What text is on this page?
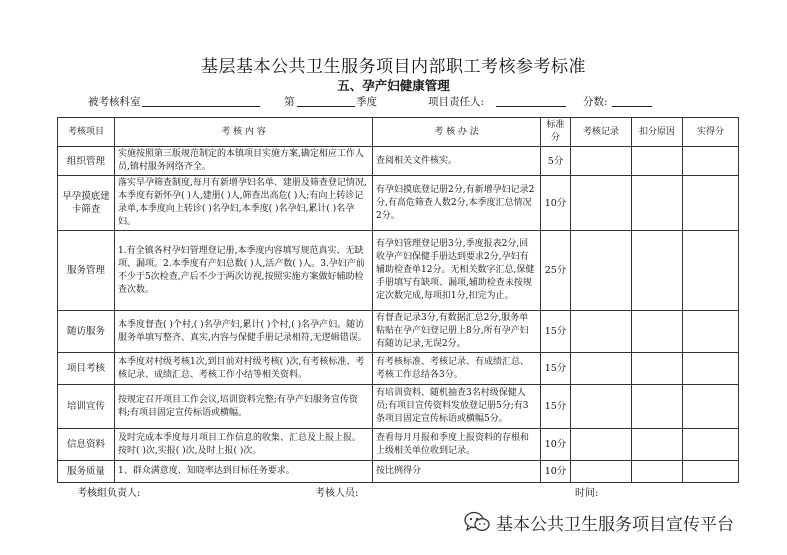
基层基本公共卫生服务项目内部职工考核参考标准
五、孕产妇健康管理
被考核科室	第	季度	项目责任人:	分数:
考核项目	考 核 内 容	考 核 办 法	标准分	考核记录	扣分原因	实得分
组织管理	实施按照第三版规范制定的本镇项目实施方案,确定相应工作人员,镇村服务网络齐全。	查阅相关文件核实。	5分			
早孕摸底建卡筛查	落实早孕筛查制度,每月有新增孕妇名单、建册及筛查登记情况,本季度有新怀孕( )人,建册( )人,筛查出高危( )人;有向上转诊记录单,本季度向上转诊( )名孕妇,本季度( )名孕妇,累计( )名孕妇。	有孕妇摸底登记册2分,有新增孕妇记录2分,有高危筛查人数2分,本季度汇总情况2分。	10分			
服务管理	1.有全镇各村孕妇管理登记册,本季度内容填写规范真实、无缺项、漏项。2.本季度有产妇总数( )人,活产数( )人。3.孕妇产前不少于5次检查,产后不少于两次访视,按照实施方案做好辅助检查次数。	有孕妇管理登记册3分,季度报表2分,回收孕产妇保健手册达到要求2分,孕妇有辅助检查单12分。无相关数字汇总,保健手册填写有缺项、漏项,辅助检查未按规定次数完成,每项扣1分,扣完为止。	25分			
随访服务	本季度督查( )个村,( )名孕产妇,累计( )个村,( )名孕产妇。随访服务单填写整齐、真实,内容与保健手册记录相符,无逻辑错误。	有督查记录3分,有数据汇总2分,服务单粘贴在孕产妇登记册上8分,所有孕产妇有随访记录,无误2分。	15分			
项目考核	本季度对村级考核1次,到目前对村级考核( )次,有考核标准、考核记录、成绩汇总、考核工作小结等相关资料。	有考核标准、考核记录、有成绩汇总、考核工作总结各3分。	15分			
培训宣传	按规定召开项目工作会议,培训资料完整;有孕产妇服务宣传资料;有项目固定宣传标语或横幅。	有培训资料、随机抽查3名村级保健人员;有项目宣传资料发放登记册5分;有3条项目固定宣传标语或横幅5分。	15分			
信息资料	及时完成本季度每月项目工作信息的收集、汇总及上报上报。按时( )次,实报( )次,及时上报( )次。	查看每月月报和季度上报资料的存根和上级相关单位收到记录。	10分			
服务质量	1、群众满意度、知晓率达到目标任务要求。	按比例得分	10分			
考核组负责人:	考核人员:	时间:
基本公共卫生服务项目宣传平台
